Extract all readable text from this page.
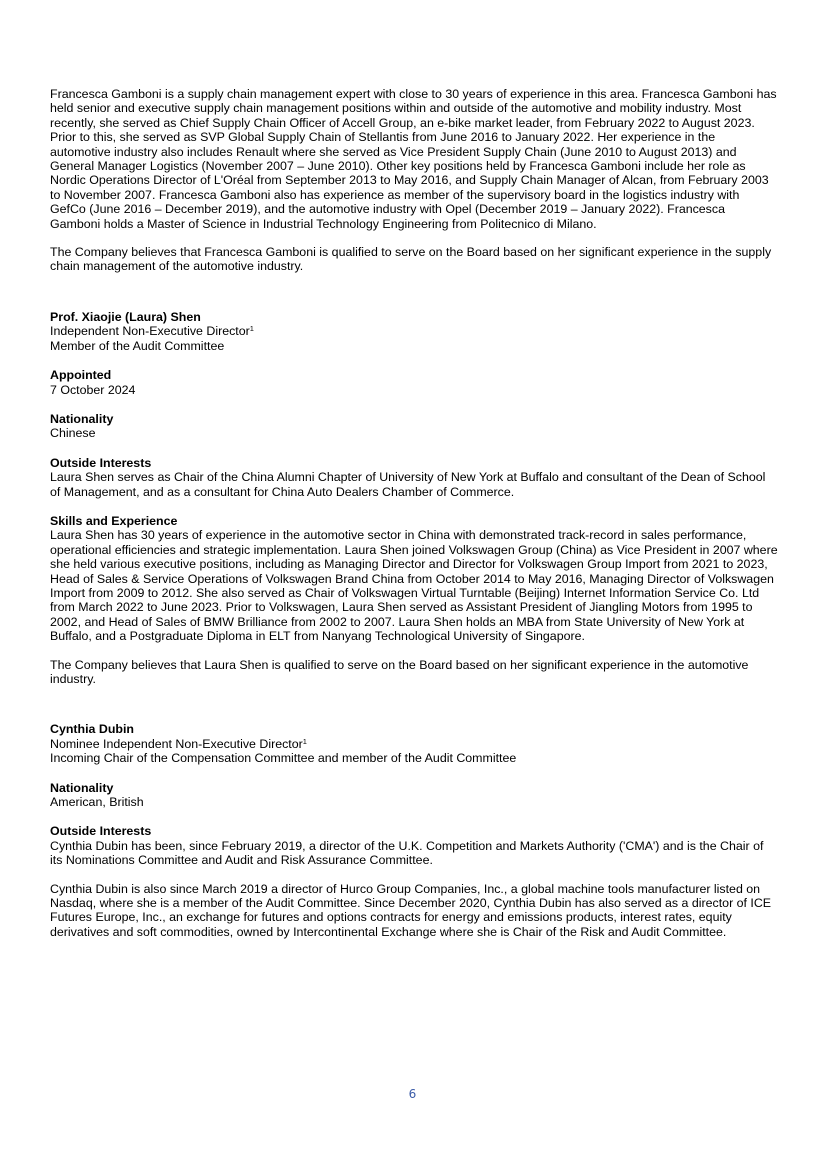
Francesca Gamboni is a supply chain management expert with close to 30 years of experience in this area. Francesca Gamboni has held senior and executive supply chain management positions within and outside of the automotive and mobility industry. Most recently, she served as Chief Supply Chain Officer of Accell Group, an e-bike market leader, from February 2022 to August 2023. Prior to this, she served as SVP Global Supply Chain of Stellantis from June 2016 to January 2022. Her experience in the automotive industry also includes Renault where she served as Vice President Supply Chain (June 2010 to August 2013) and General Manager Logistics (November 2007 – June 2010). Other key positions held by Francesca Gamboni include her role as Nordic Operations Director of L'Oréal from September 2013 to May 2016, and Supply Chain Manager of Alcan, from February 2003 to November 2007. Francesca Gamboni also has experience as member of the supervisory board in the logistics industry with GefCo (June 2016 – December 2019), and the automotive industry with Opel (December 2019 – January 2022). Francesca Gamboni holds a Master of Science in Industrial Technology Engineering from Politecnico di Milano.

The Company believes that Francesca Gamboni is qualified to serve on the Board based on her significant experience in the supply chain management of the automotive industry.

Prof. Xiaojie (Laura) Shen

Independent Non-Executive Director$^1$

Member of the Audit Committee

Appointed

7 October 2024

Nationality

Chinese

Outside Interests

Laura Shen serves as Chair of the China Alumni Chapter of University of New York at Buffalo and consultant of the Dean of School of Management, and as a consultant for China Auto Dealers Chamber of Commerce.

Skills and Experience

Laura Shen has 30 years of experience in the automotive sector in China with demonstrated track-record in sales performance, operational efficiencies and strategic implementation. Laura Shen joined Volkswagen Group (China) as Vice President in 2007 where she held various executive positions, including as Managing Director and Director for Volkswagen Group Import from 2021 to 2023, Head of Sales & Service Operations of Volkswagen Brand China from October 2014 to May 2016, Managing Director of Volkswagen Import from 2009 to 2012. She also served as Chair of Volkswagen Virtual Turntable (Beijing) Internet Information Service Co. Ltd from March 2022 to June 2023. Prior to Volkswagen, Laura Shen served as Assistant President of Jiangling Motors from 1995 to 2002, and Head of Sales of BMW Brilliance from 2002 to 2007. Laura Shen holds an MBA from State University of New York at Buffalo, and a Postgraduate Diploma in ELT from Nanyang Technological University of Singapore.

The Company believes that Laura Shen is qualified to serve on the Board based on her significant experience in the automotive industry.

Cynthia Dubin

Nominee Independent Non-Executive Director$^1$

Incoming Chair of the Compensation Committee and member of the Audit Committee

Nationality

American, British

Outside Interests

Cynthia Dubin has been, since February 2019, a director of the U.K. Competition and Markets Authority ('CMA') and is the Chair of its Nominations Committee and Audit and Risk Assurance Committee.

Cynthia Dubin is also since March 2019 a director of Hurco Group Companies, Inc., a global machine tools manufacturer listed on Nasdaq, where she is a member of the Audit Committee. Since December 2020, Cynthia Dubin has also served as a director of ICE Futures Europe, Inc., an exchange for futures and options contracts for energy and emissions products, interest rates, equity derivatives and soft commodities, owned by Intercontinental Exchange where she is Chair of the Risk and Audit Committee.

6
